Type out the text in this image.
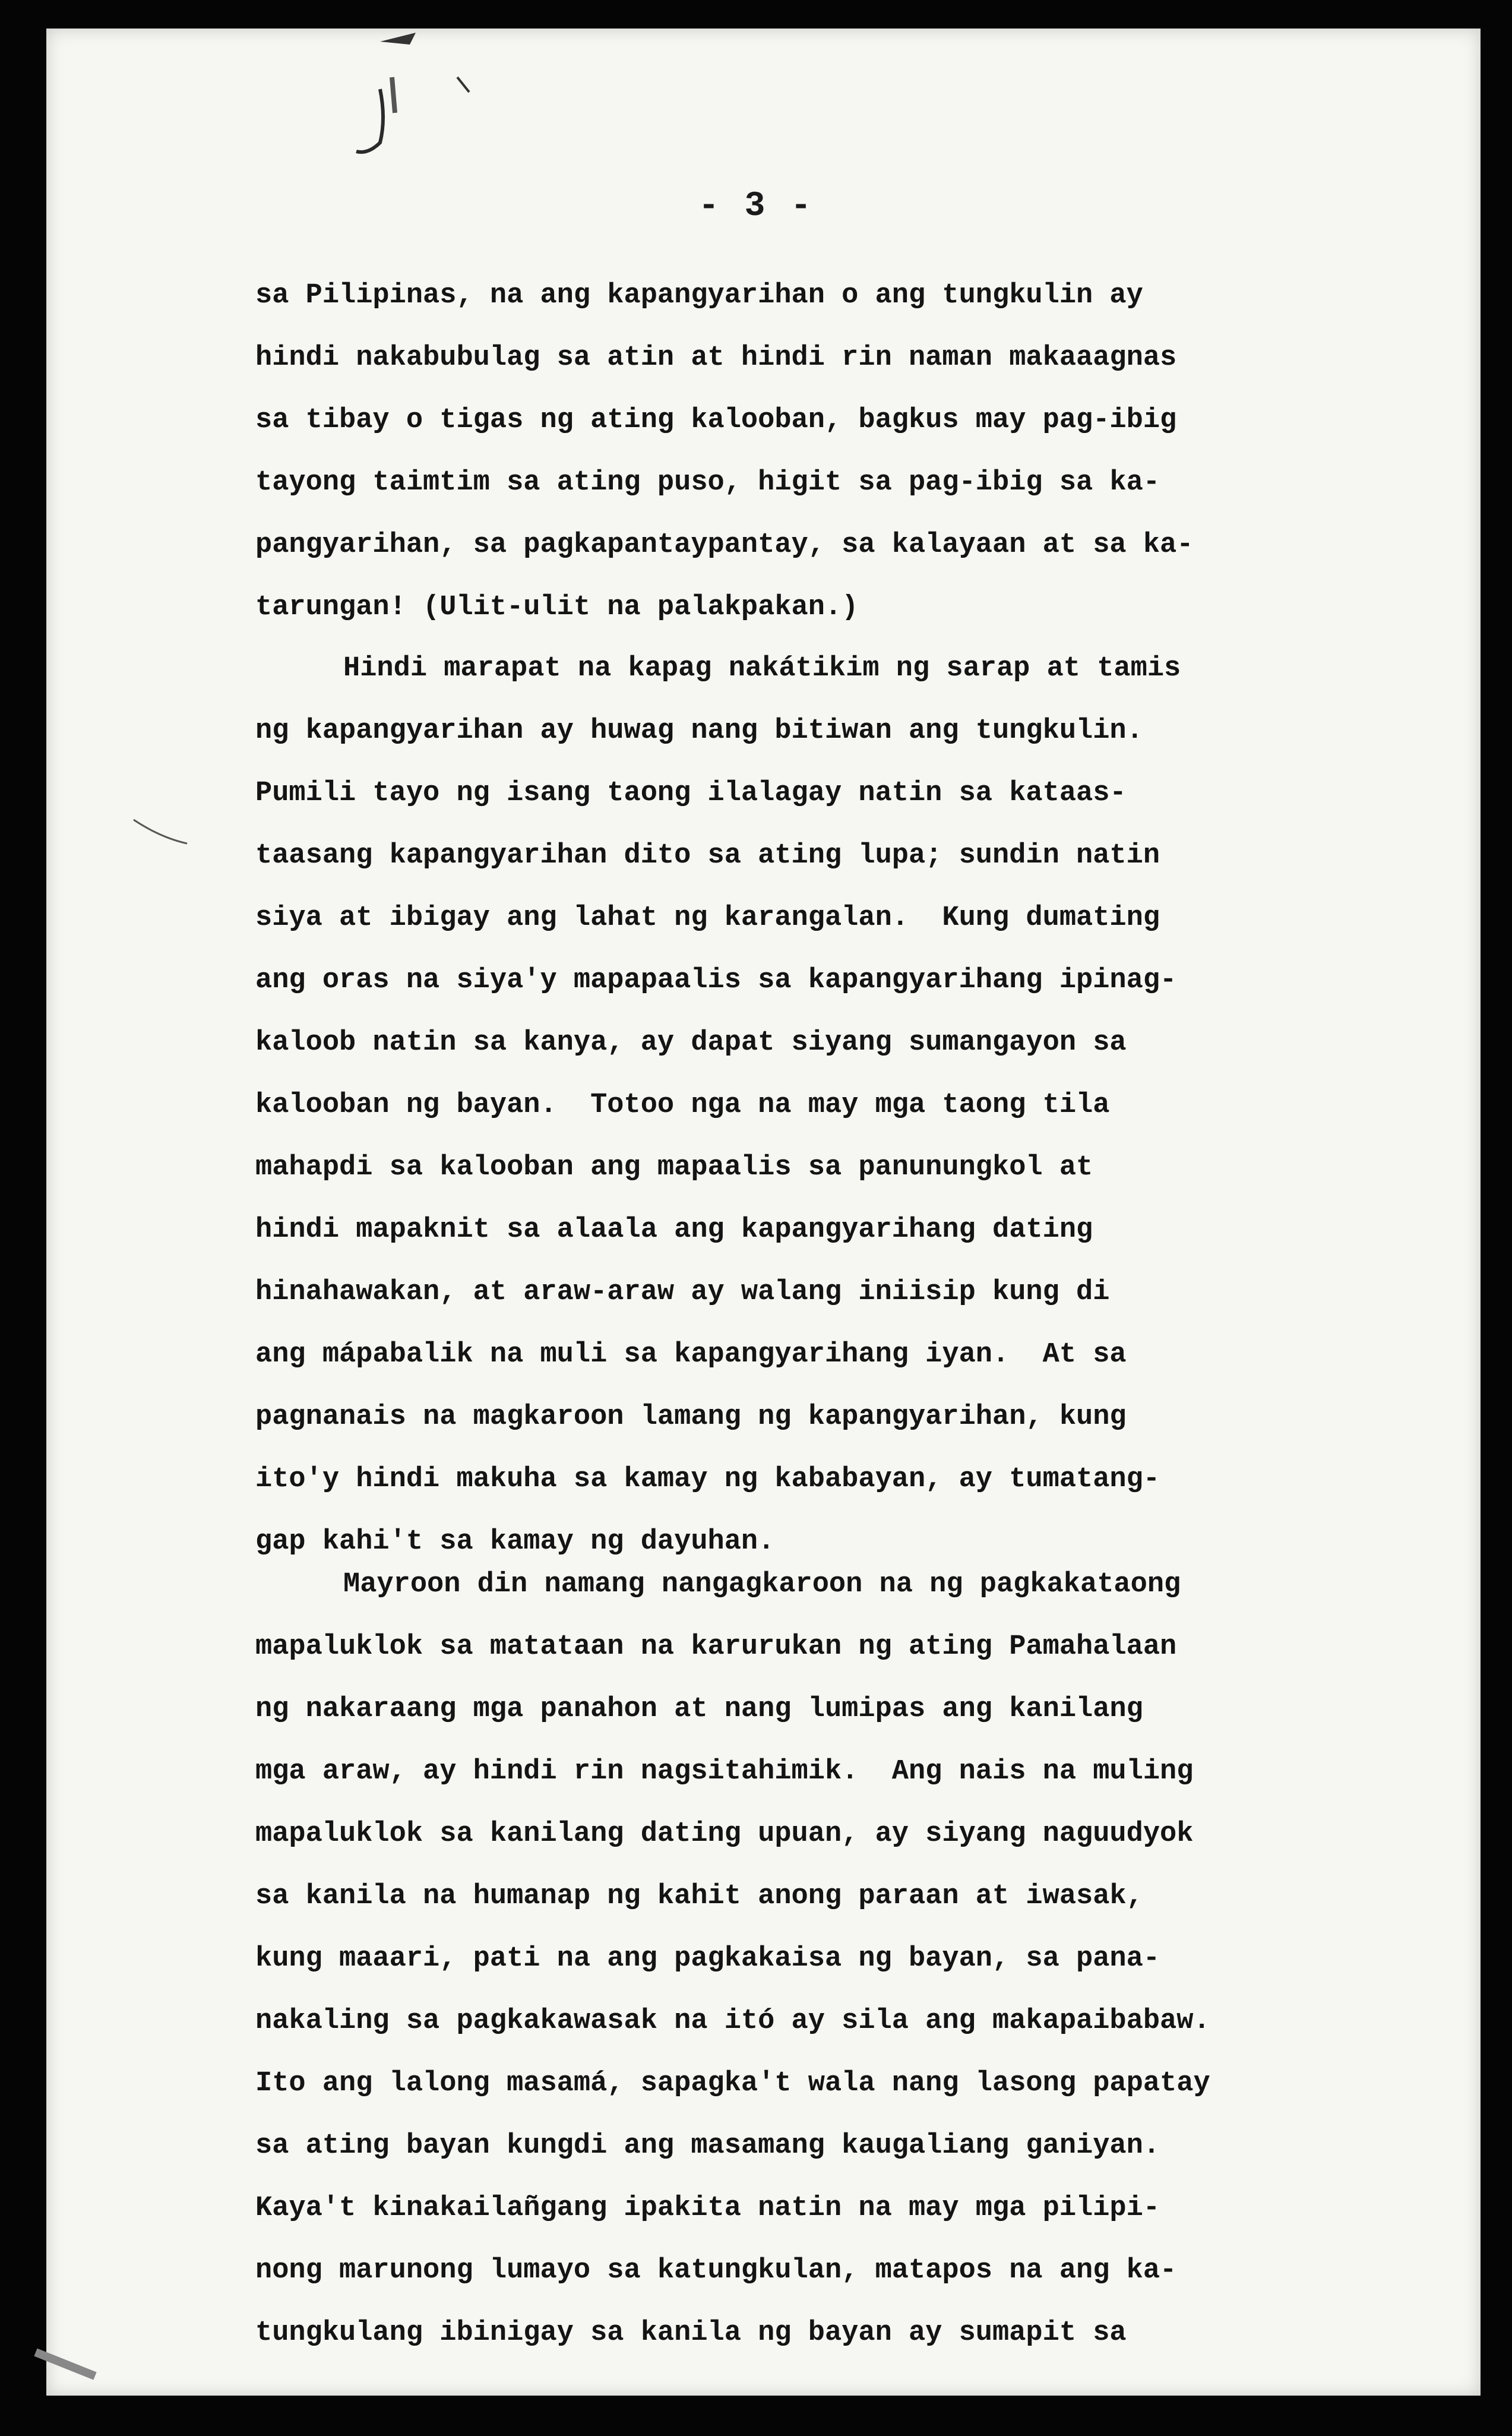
- 3 -
sa Pilipinas, na ang kapangyarihan o ang tungkulin ay
hindi nakabubulag sa atin at hindi rin naman makaaagnas
sa tibay o tigas ng ating kalooban, bagkus may pag-ibig
tayong taimtim sa ating puso, higit sa pag-ibig sa ka-
pangyarihan, sa pagkapantaypantay, sa kalayaan at sa ka-
tarungan! (Ulit-ulit na palakpakan.)
Hindi marapat na kapag nakátikim ng sarap at tamis
ng kapangyarihan ay huwag nang bitiwan ang tungkulin.
Pumili tayo ng isang taong ilalagay natin sa kataas-
taasang kapangyarihan dito sa ating lupa; sundin natin
siya at ibigay ang lahat ng karangalan.  Kung dumating
ang oras na siya'y mapapaalis sa kapangyarihang ipinag-
kaloob natin sa kanya, ay dapat siyang sumangayon sa
kalooban ng bayan.  Totoo nga na may mga taong tila
mahapdi sa kalooban ang mapaalis sa panunungkol at
hindi mapaknit sa alaala ang kapangyarihang dating
hinahawakan, at araw-araw ay walang iniisip kung di
ang mápabalik na muli sa kapangyarihang iyan.  At sa
pagnanais na magkaroon lamang ng kapangyarihan, kung
ito'y hindi makuha sa kamay ng kababayan, ay tumatang-
gap kahi't sa kamay ng dayuhan.
Mayroon din namang nangagkaroon na ng pagkakataong
mapaluklok sa matataan na karurukan ng ating Pamahalaan
ng nakaraang mga panahon at nang lumipas ang kanilang
mga araw, ay hindi rin nagsitahimik.  Ang nais na muling
mapaluklok sa kanilang dating upuan, ay siyang naguudyok
sa kanila na humanap ng kahit anong paraan at iwasak,
kung maaari, pati na ang pagkakaisa ng bayan, sa pana-
nakaling sa pagkakawasak na itó ay sila ang makapaibabaw.
Ito ang lalong masamá, sapagka't wala nang lasong papatay
sa ating bayan kungdi ang masamang kaugaliang ganiyan.
Kaya't kinakailañgang ipakita natin na may mga pilipi-
nong marunong lumayo sa katungkulan, matapos na ang ka-
tungkulang ibinigay sa kanila ng bayan ay sumapit sa
